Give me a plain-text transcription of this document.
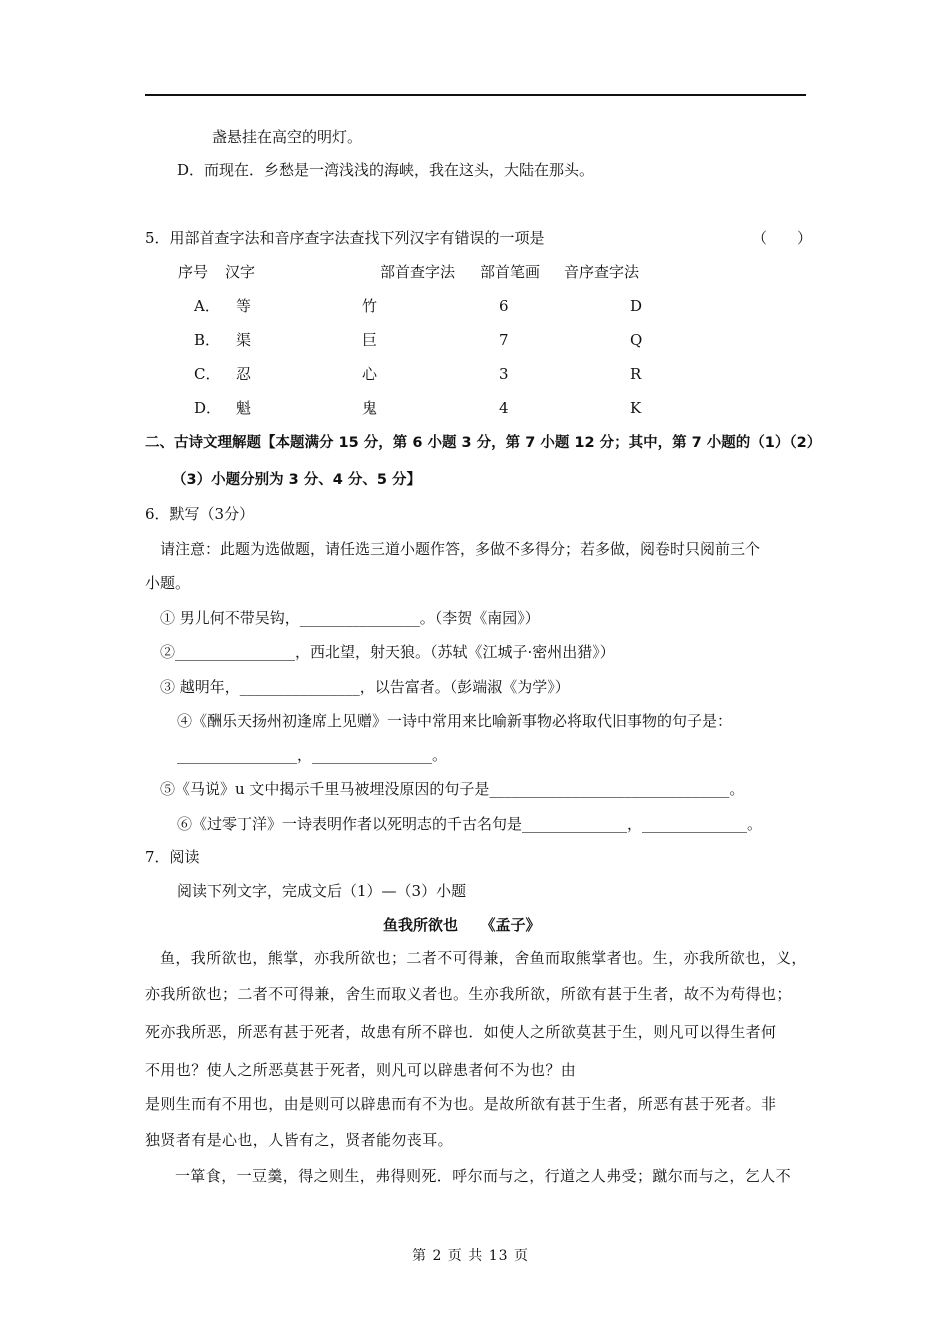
盏悬挂在高空的明灯。
D．而现在．乡愁是一湾浅浅的海峡，我在这头，大陆在那头。
5．用部首查字法和音序查字法查找下列汉字有错误的一项是	（　　）
序号 汉字	部首查字法 部首笔画 音序查字法
A． 等	竹	6	D
B． 渠	巨	7	Q
C． 忍	心	3	R
D． 魁	鬼	4	K
二、古诗文理解题【本题满分 15 分，第 6 小题 3 分，第 7 小题 12 分；其中，第 7 小题的（1）（2）
（3）小题分别为 3 分、4 分、5 分】
6．默写（3分）
请注意：此题为选做题，请任选三道小题作答，多做不多得分；若多做，阅卷时只阅前三个
小题。
① 男儿何不带吴钩，________________。（李贺《南园》）
②________________，西北望，射天狼。（苏轼《江城子·密州出猎》）
③ 越明年，________________，以告富者。（彭端淑《为学》）
④《酬乐天扬州初逢席上见赠》一诗中常用来比喻新事物必将取代旧事物的句子是：
________________，________________。
⑤《马说》u 文中揭示千里马被埋没原因的句子是________________________________。
⑥《过零丁洋》一诗表明作者以死明志的千古名句是______________，______________。
7．阅读
阅读下列文字，完成文后（1）—（3）小题
鱼我所欲也　　《孟子》
鱼，我所欲也，熊掌，亦我所欲也；二者不可得兼，舍鱼而取熊掌者也。生，亦我所欲也，义，
亦我所欲也；二者不可得兼，舍生而取义者也。生亦我所欲，所欲有甚于生者，故不为苟得也；
死亦我所恶，所恶有甚于死者，故患有所不辟也．如使人之所欲莫甚于生，则凡可以得生者何
不用也？使人之所恶莫甚于死者，则凡可以辟患者何不为也？由
是则生而有不用也，由是则可以辟患而有不为也。是故所欲有甚于生者，所恶有甚于死者。非
独贤者有是心也，人皆有之，贤者能勿丧耳。
一箪食，一豆羹，得之则生，弗得则死．呼尔而与之，行道之人弗受；蹴尔而与之，乞人不
第 2 页 共 13 页
